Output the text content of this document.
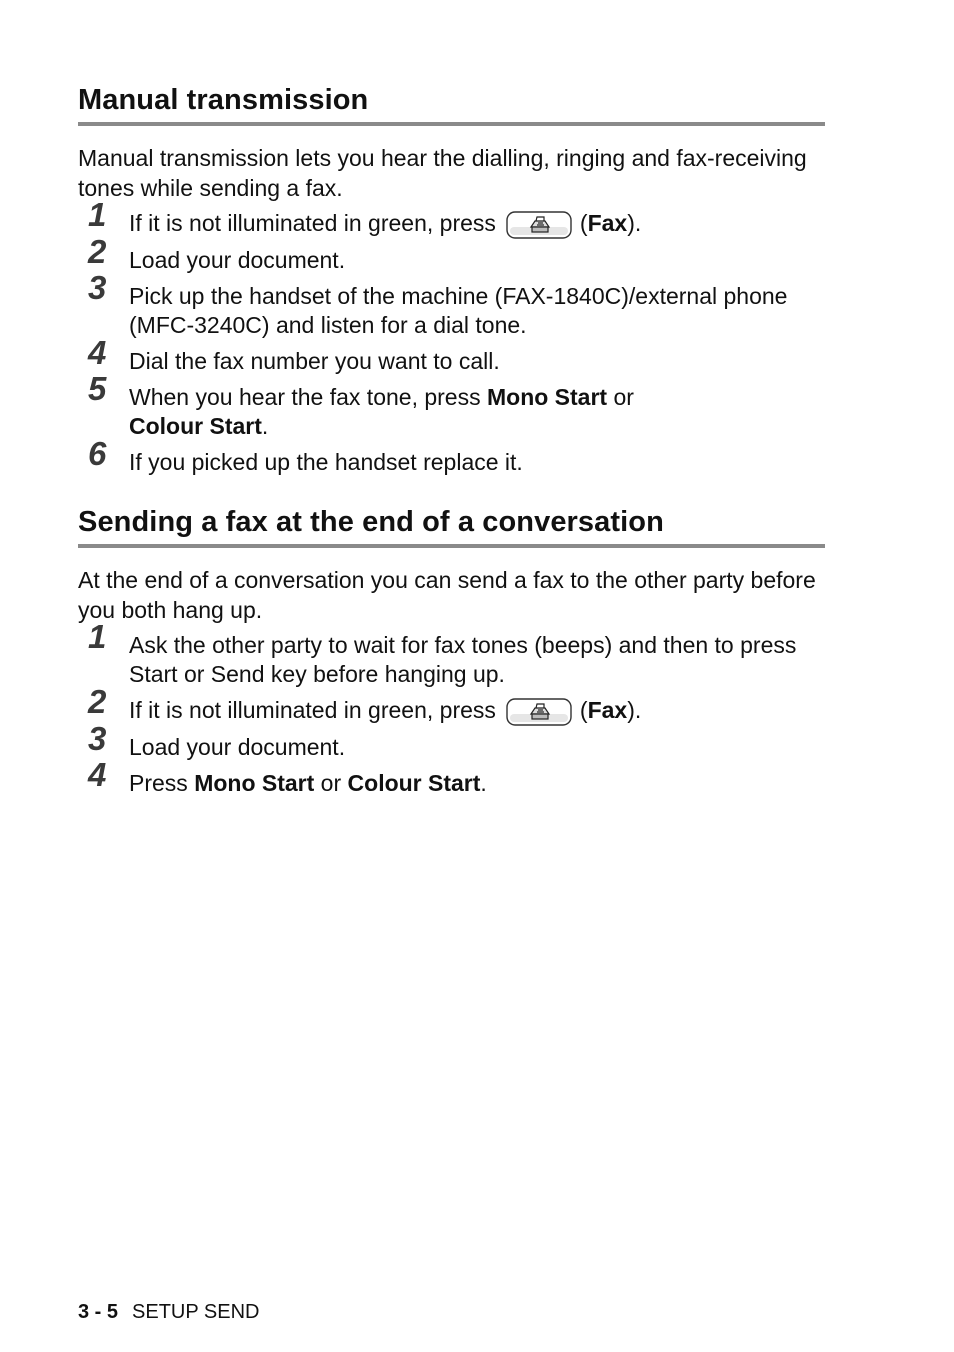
Manual transmission

Manual transmission lets you hear the dialling, ringing and fax-receiving tones while sending a fax.

1 If it is not illuminated in green, press	(Fax).
2 Load your document.
3 Pick up the handset of the machine (FAX-1840C)/external phone (MFC-3240C) and listen for a dial tone.
4 Dial the fax number you want to call.
5 When you hear the fax tone, press Mono Start or
Colour Start.
6 If you picked up the handset replace it.
Sending a fax at the end of a conversation

At the end of a conversation you can send a fax to the other party before you both hang up.

1 Ask the other party to wait for fax tones (beeps) and then to press Start or Send key before hanging up.
2 If it is not illuminated in green, press	(Fax).
3 Load your document.
4 Press Mono Start or Colour Start.
3 - 5 SETUP SEND
